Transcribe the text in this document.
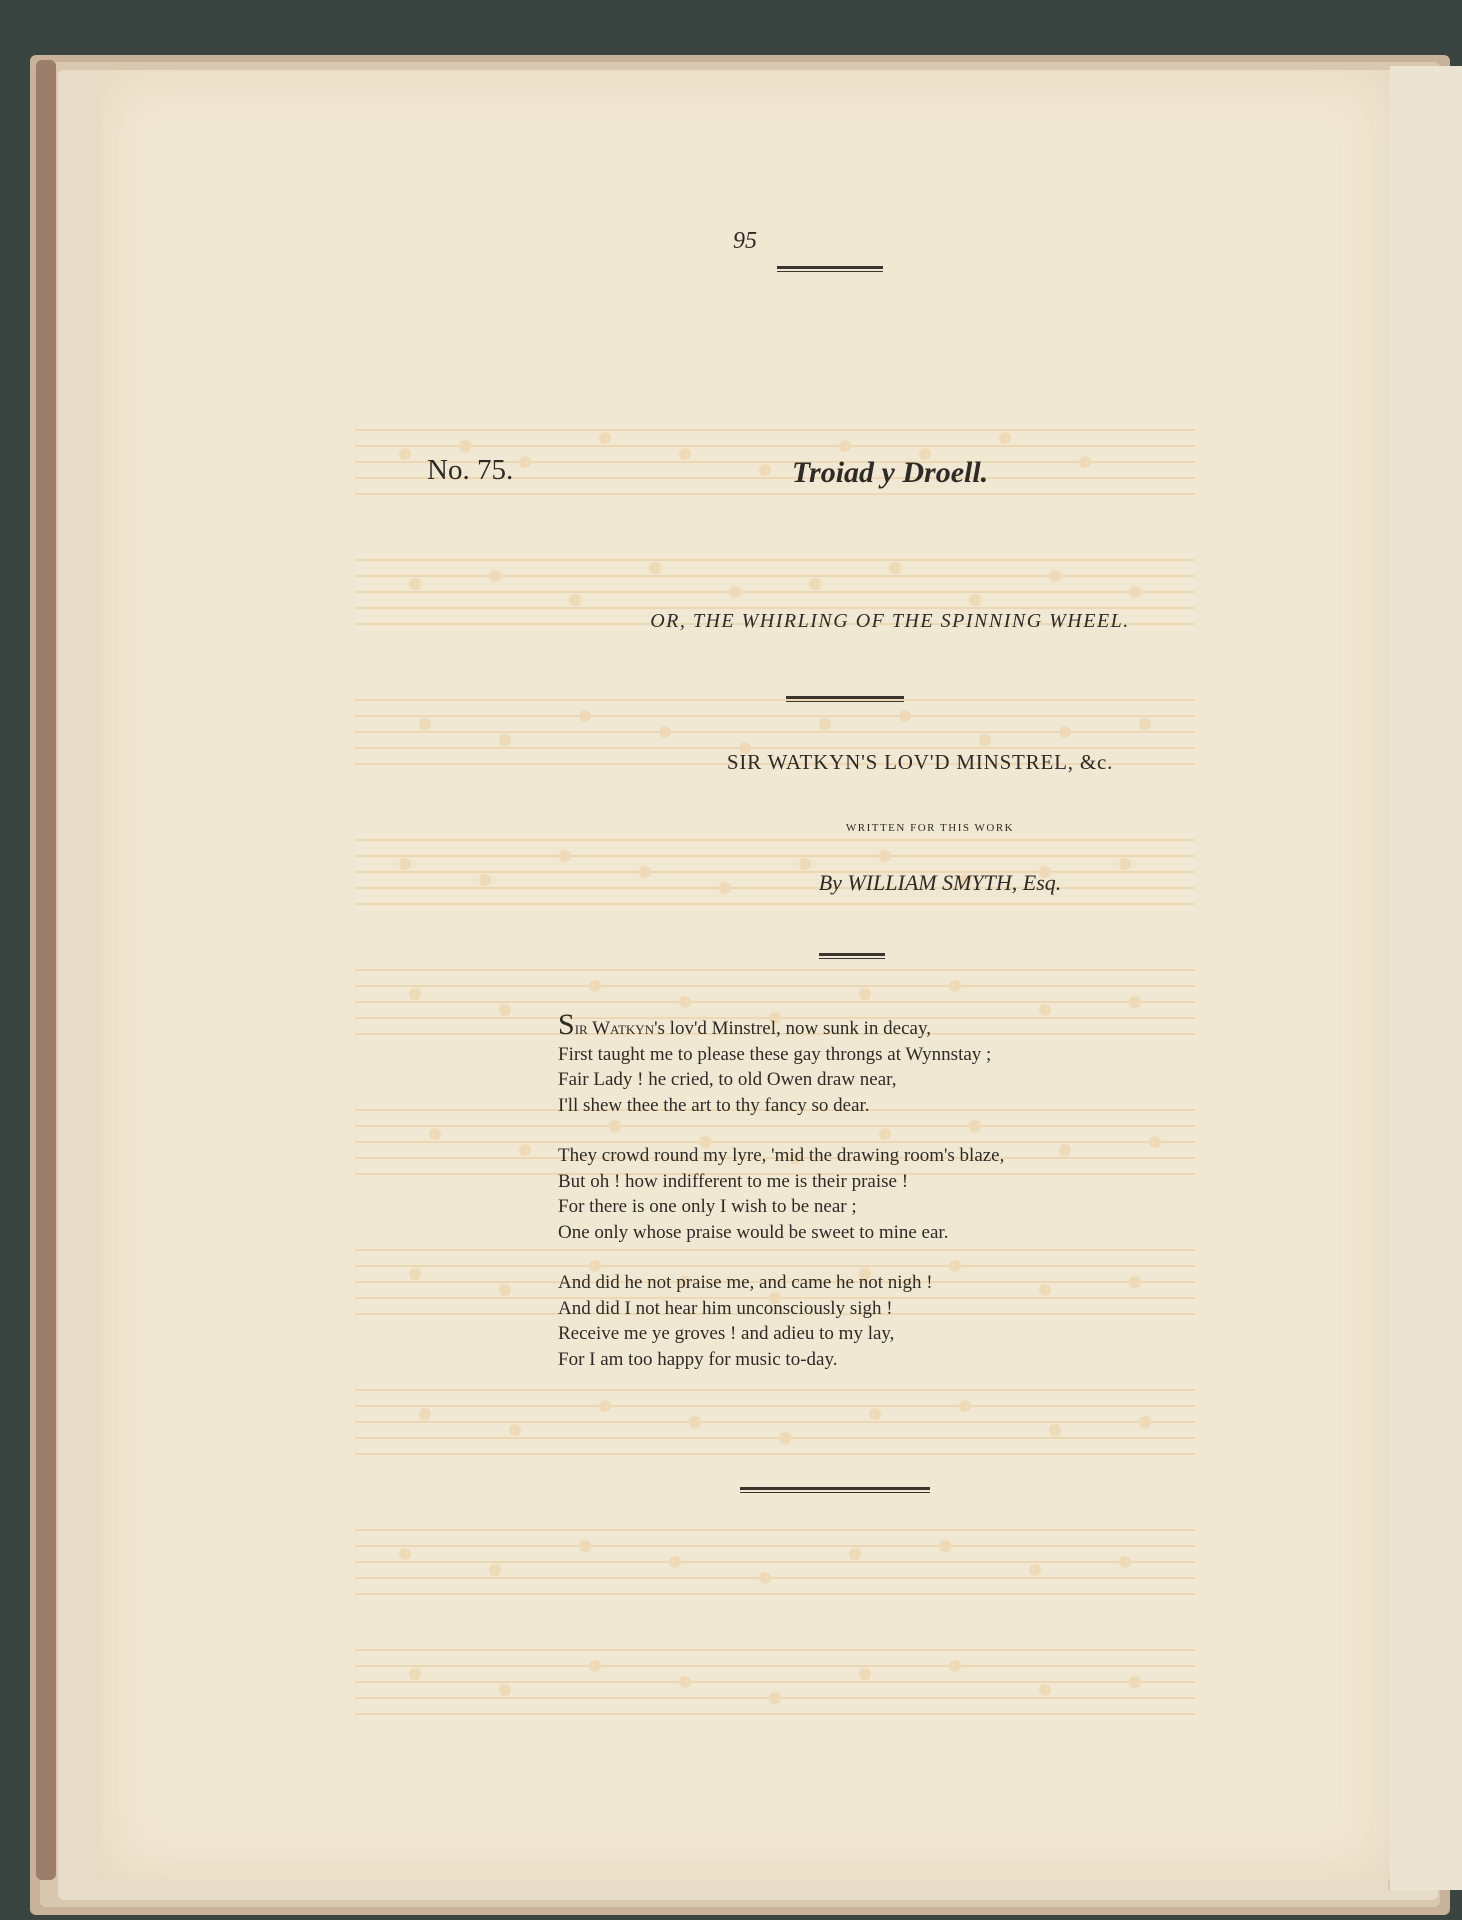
95
No. 75.	Troiad y Droell.
OR, THE WHIRLING OF THE SPINNING WHEEL.
SIR WATKYN'S LOV'D MINSTREL, &c.
WRITTEN FOR THIS WORK
By WILLIAM SMYTH, Esq.
Sir Watkyn's lov'd Minstrel, now sunk in decay,
First taught me to please these gay throngs at Wynnstay ;
Fair Lady ! he cried, to old Owen draw near,
I'll shew thee the art to thy fancy so dear.
They crowd round my lyre, 'mid the drawing room's blaze,
But oh ! how indifferent to me is their praise !
For there is one only I wish to be near ;
One only whose praise would be sweet to mine ear.
And did he not praise me, and came he not nigh !
And did I not hear him unconsciously sigh !
Receive me ye groves ! and adieu to my lay,
For I am too happy for music to-day.
